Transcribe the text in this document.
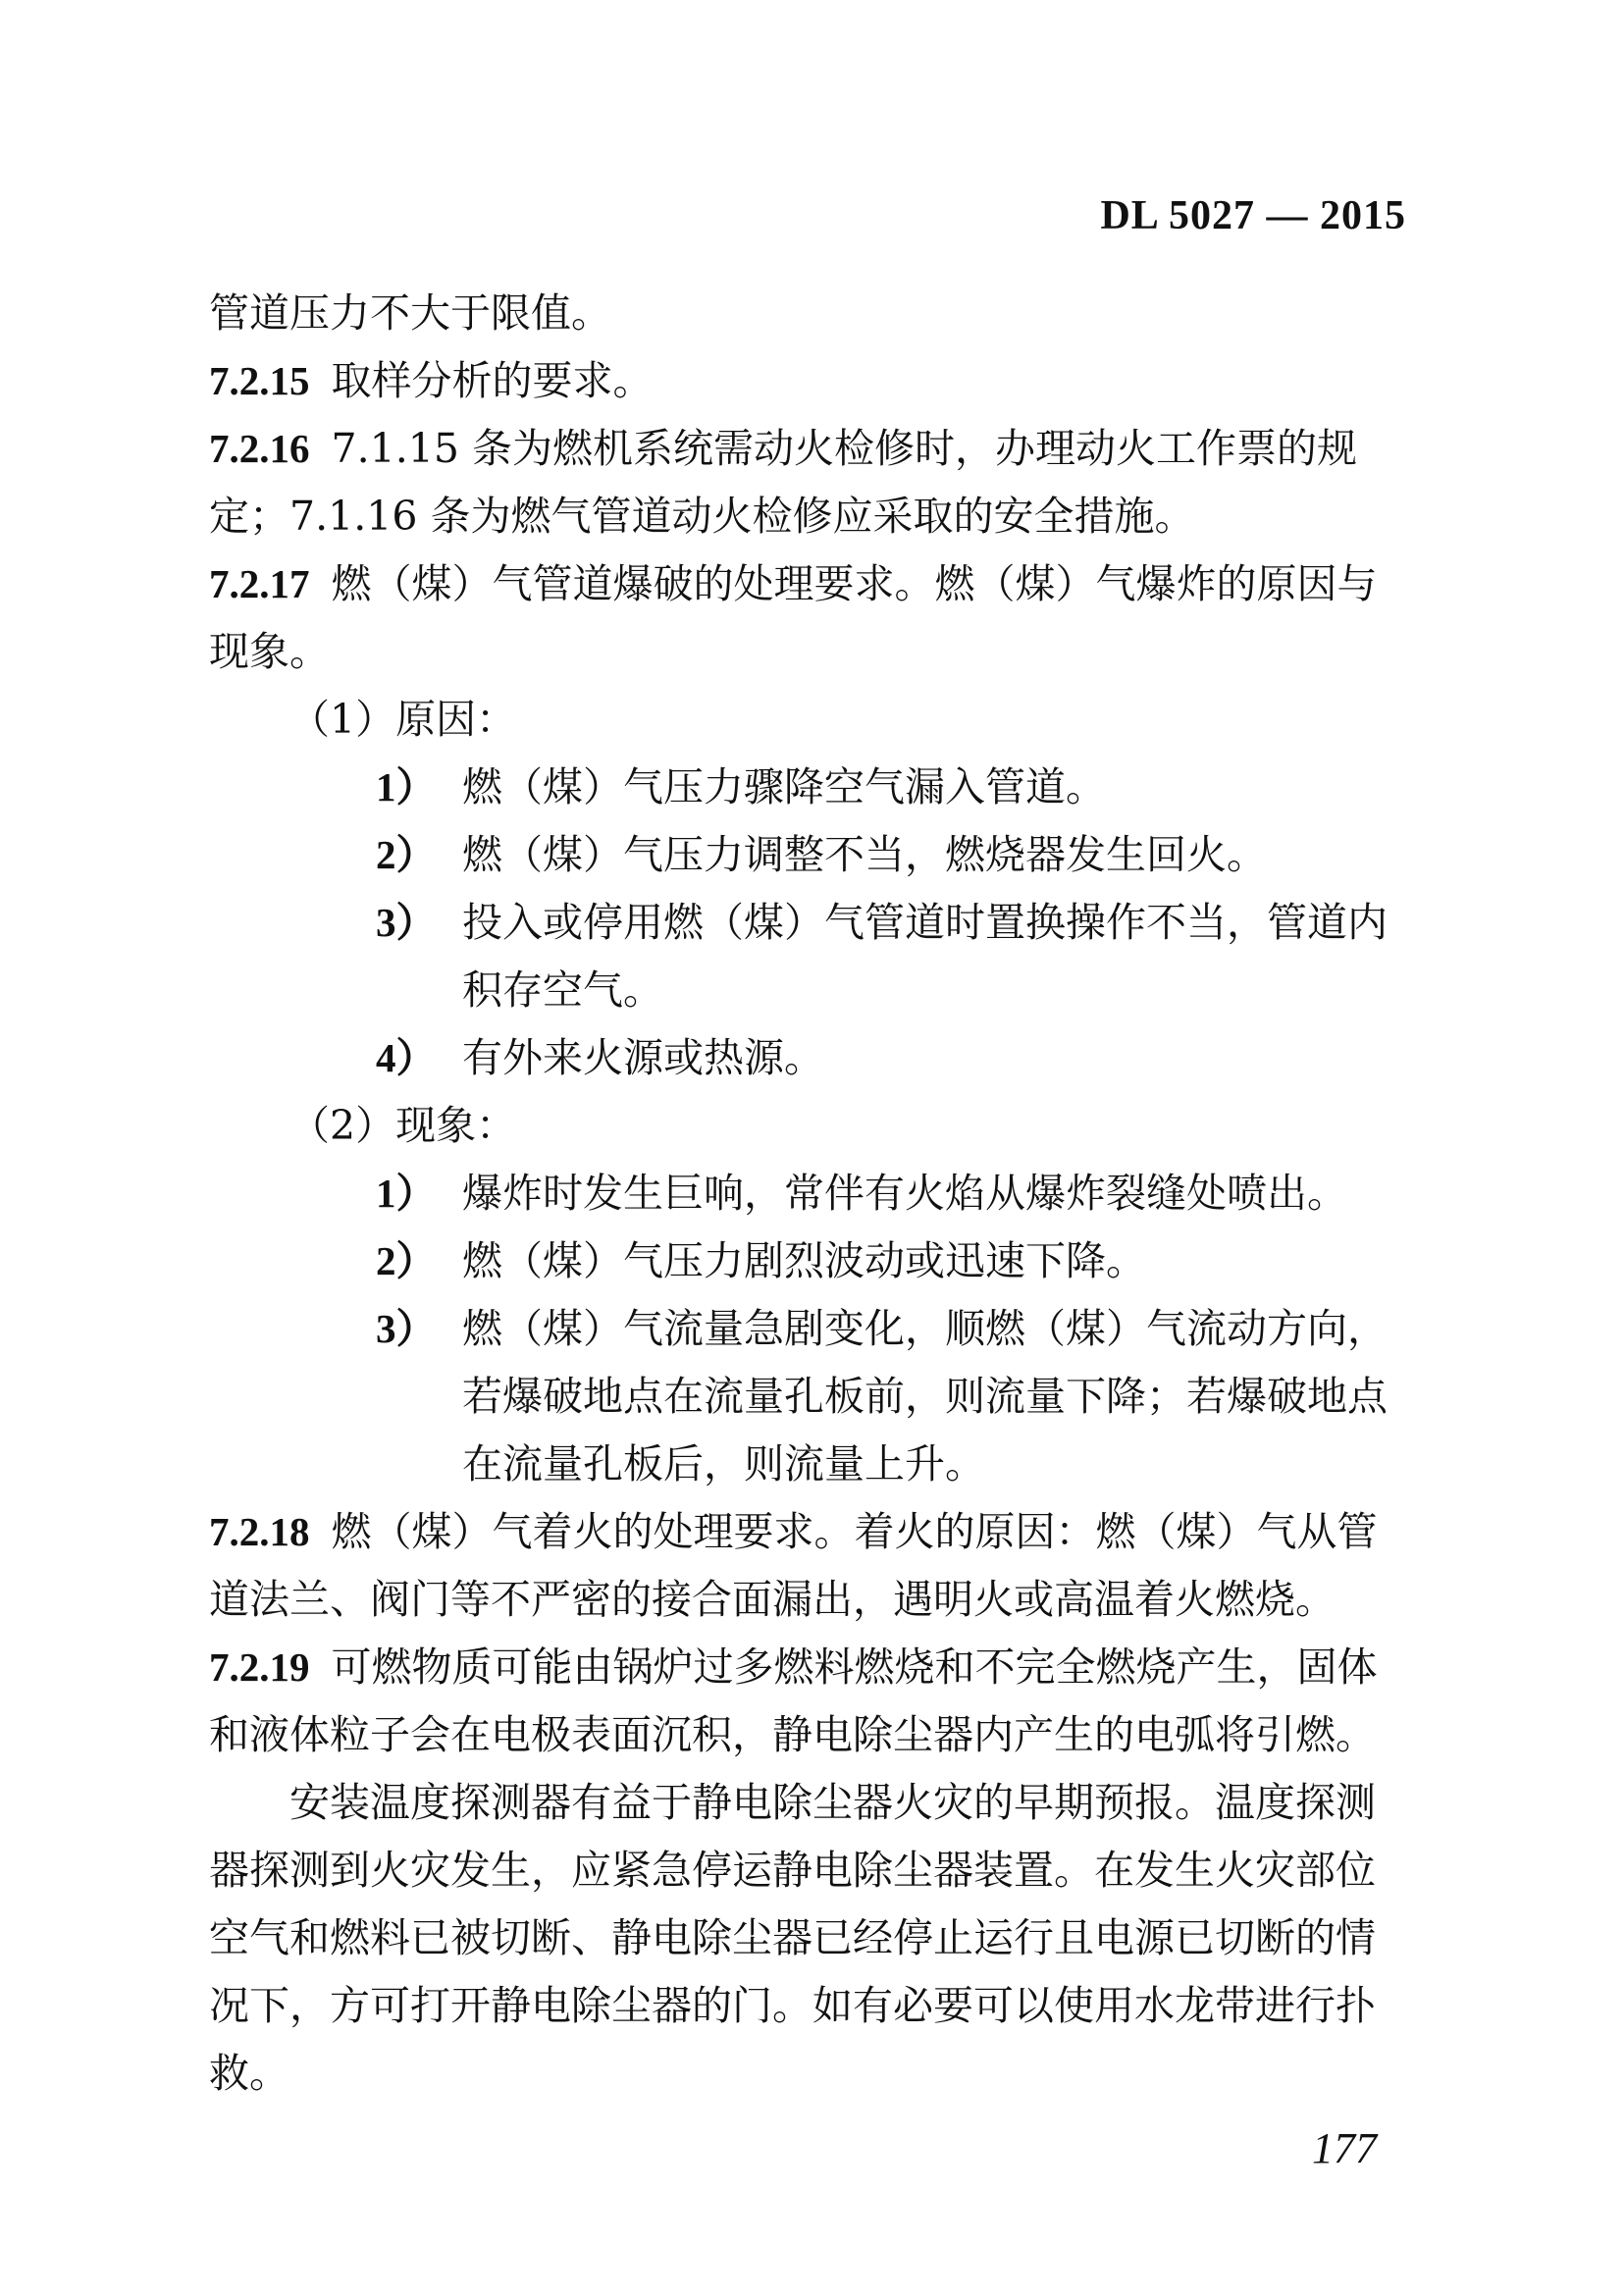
DL 5027 — 2015

管道压力不大于限值。

7.2.15 取样分析的要求。

7.2.16 7.1.15 条为燃机系统需动火检修时，办理动火工作票的规定；7.1.16 条为燃气管道动火检修应采取的安全措施。

7.2.17 燃（煤）气管道爆破的处理要求。燃（煤）气爆炸的原因与现象。

（1）原因：

1） 燃（煤）气压力骤降空气漏入管道。
2） 燃（煤）气压力调整不当，燃烧器发生回火。
3） 投入或停用燃（煤）气管道时置换操作不当，管道内积存空气。
4） 有外来火源或热源。

（2）现象：

1） 爆炸时发生巨响，常伴有火焰从爆炸裂缝处喷出。
2） 燃（煤）气压力剧烈波动或迅速下降。
3） 燃（煤）气流量急剧变化，顺燃（煤）气流动方向，若爆破地点在流量孔板前，则流量下降；若爆破地点在流量孔板后，则流量上升。

7.2.18 燃（煤）气着火的处理要求。着火的原因：燃（煤）气从管道法兰、阀门等不严密的接合面漏出，遇明火或高温着火燃烧。

7.2.19 可燃物质可能由锅炉过多燃料燃烧和不完全燃烧产生，固体和液体粒子会在电极表面沉积，静电除尘器内产生的电弧将引燃。

安装温度探测器有益于静电除尘器火灾的早期预报。温度探测器探测到火灾发生，应紧急停运静电除尘器装置。在发生火灾部位空气和燃料已被切断、静电除尘器已经停止运行且电源已切断的情况下，方可打开静电除尘器的门。如有必要可以使用水龙带进行扑救。

177
